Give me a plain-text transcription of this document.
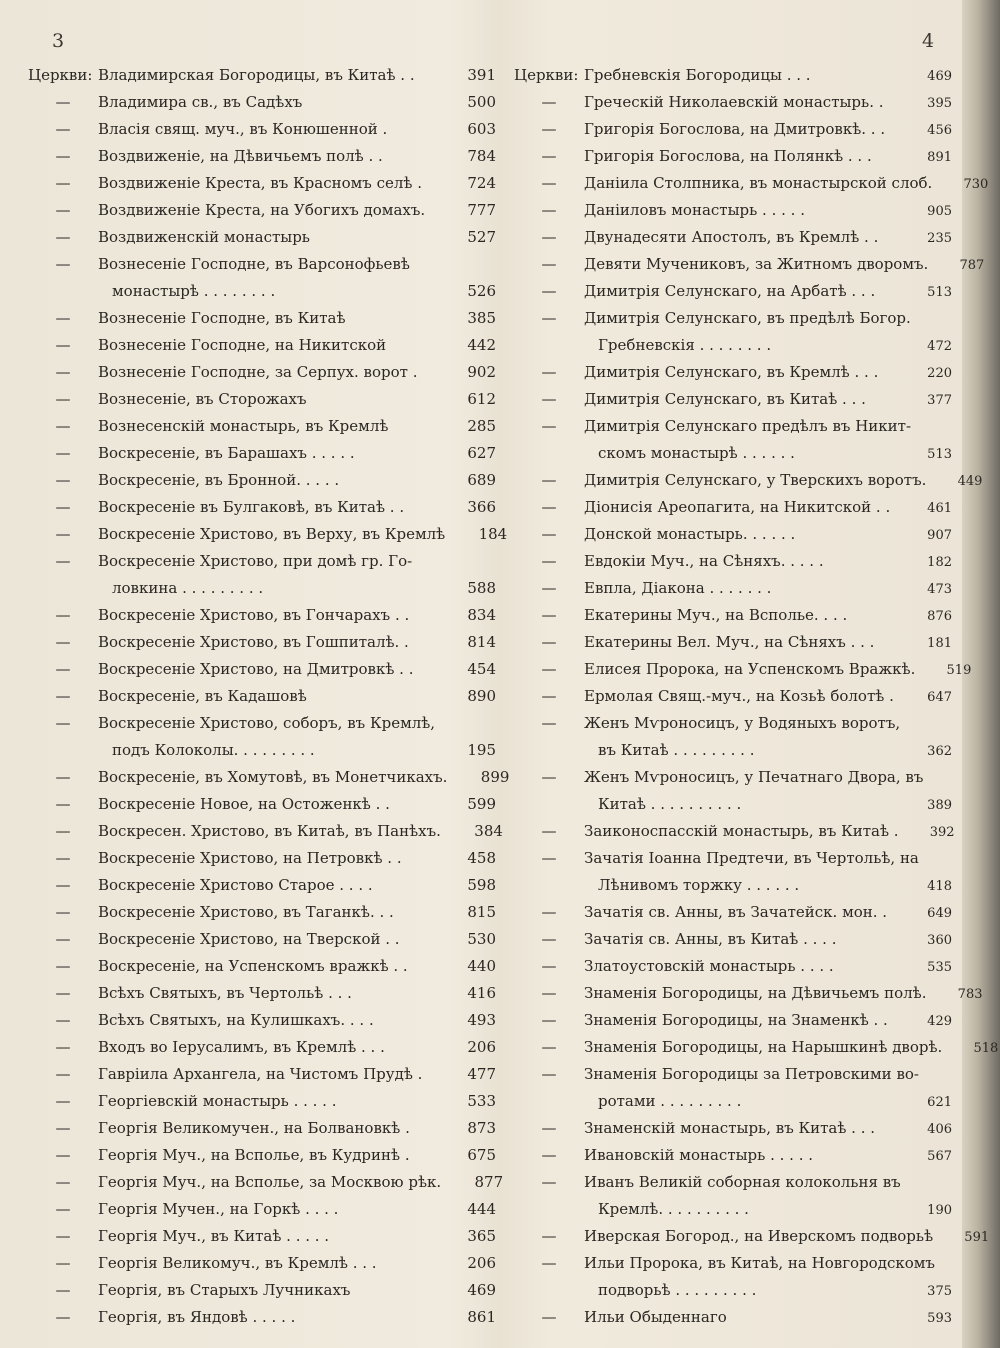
3	4
Церкви: Владимирская Богородицы, въ Китаѣ . .	391
—	Владимира св., въ Садѣхъ	500
—	Власія свящ. муч., въ Конюшенной .	603
—	Воздвиженіе, на Дѣвичьемъ полѣ . .	784
—	Воздвиженіе Креста, въ Красномъ селѣ .	724
—	Воздвиженіе Креста, на Убогихъ домахъ.	777
—	Воздвиженскій монастырь	527
—	Вознесеніе Господне, въ Варсонофьевѣ
монастырѣ . . . . . . . .	526
—	Вознесеніе Господне, въ Китаѣ	385
—	Вознесеніе Господне, на Никитской	442
—	Вознесеніе Господне, за Серпух. ворот .	902
—	Вознесеніе, въ Сторожахъ	612
—	Вознесенскій монастырь, въ Кремлѣ	285
—	Воскресеніе, въ Барашахъ . . . . .	627
—	Воскресеніе, въ Бронной. . . . .	689
—	Воскресеніе въ Булгаковѣ, въ Китаѣ . .	366
—	Воскресеніе Христово, въ Верху, въ Кремлѣ	184
—	Воскресеніе Христово, при домѣ гр. Го-
ловкина . . . . . . . . .	588
—	Воскресеніе Христово, въ Гончарахъ . .	834
—	Воскресеніе Христово, въ Гошпиталѣ. .	814
—	Воскресеніе Христово, на Дмитровкѣ . .	454
—	Воскресеніе, въ Кадашовѣ	890
—	Воскресеніе Христово, соборъ, въ Кремлѣ,
подъ Колоколы. . . . . . . . .	195
—	Воскресеніе, въ Хомутовѣ, въ Монетчикахъ.	899
—	Воскресеніе Новое, на Остоженкѣ . .	599
—	Воскресен. Христово, въ Китаѣ, въ Панѣхъ.	384
—	Воскресеніе Христово, на Петровкѣ . .	458
—	Воскресеніе Христово Старое . . . .	598
—	Воскресеніе Христово, въ Таганкѣ. . .	815
—	Воскресеніе Христово, на Тверской . .	530
—	Воскресеніе, на Успенскомъ вражкѣ . .	440
—	Всѣхъ Святыхъ, въ Чертольѣ . . .	416
—	Всѣхъ Святыхъ, на Кулишкахъ. . . .	493
—	Входъ во Іерусалимъ, въ Кремлѣ . . .	206
—	Гавріила Архангела, на Чистомъ Прудѣ .	477
—	Георгіевскій монастырь . . . . .	533
—	Георгія Великомучен., на Болвановкѣ .	873
—	Георгія Муч., на Всполье, въ Кудринѣ .	675
—	Георгія Муч., на Всполье, за Москвою рѣк.	877
—	Георгія Мучен., на Горкѣ . . . .	444
—	Георгія Муч., въ Китаѣ . . . . .	365
—	Георгія Великомуч., въ Кремлѣ . . .	206
—	Георгія, въ Старыхъ Лучникахъ	469
—	Георгія, въ Яндовѣ . . . . .	861
Церкви: Гребневскія Богородицы . . .	469
—	Греческій Николаевскій монастырь. .	395
—	Григорія Богослова, на Дмитровкѣ. . .	456
—	Григорія Богослова, на Полянкѣ . . .	891
—	Даніила Столпника, въ монастырской слоб.	730
—	Даніиловъ монастырь . . . . .	905
—	Двунадесяти Апостолъ, въ Кремлѣ . .	235
—	Девяти Мучениковъ, за Житномъ дворомъ.	787
—	Димитрія Селунскаго, на Арбатѣ . . .	513
—	Димитрія Селунскаго, въ предѣлѣ Богор.
Гребневскія . . . . . . . .	472
—	Димитрія Селунскаго, въ Кремлѣ . . .	220
—	Димитрія Селунскаго, въ Китаѣ . . .	377
—	Димитрія Селунскаго предѣлъ въ Никит-
скомъ монастырѣ . . . . . .	513
—	Димитрія Селунскаго, у Тверскихъ воротъ.	449
—	Діонисія Ареопагита, на Никитской . .	461
—	Донской монастырь. . . . . .	907
—	Евдокіи Муч., на Сѣняхъ. . . . .	182
—	Евпла, Діакона . . . . . . .	473
—	Екатерины Муч., на Всполье. . . .	876
—	Екатерины Вел. Муч., на Сѣняхъ . . .	181
—	Елисея Пророка, на Успенскомъ Вражкѣ.	519
—	Ермолая Свящ.-муч., на Козьѣ болотѣ .	647
—	Женъ Мѵроносицъ, у Водяныхъ воротъ,
въ Китаѣ . . . . . . . . .	362
—	Женъ Мѵроносицъ, у Печатнаго Двора, въ
Китаѣ . . . . . . . . . .	389
—	Заиконоспасскій монастырь, въ Китаѣ .	392
—	Зачатія Іоанна Предтечи, въ Чертольѣ, на
Лѣнивомъ торжку . . . . . .	418
—	Зачатія св. Анны, въ Зачатейск. мон. .	649
—	Зачатія св. Анны, въ Китаѣ . . . .	360
—	Златоустовскій монастырь . . . .	535
—	Знаменія Богородицы, на Дѣвичьемъ полѣ.	783
—	Знаменія Богородицы, на Знаменкѣ . .	429
—	Знаменія Богородицы, на Нарышкинѣ дворѣ.	518
—	Знаменія Богородицы за Петровскими во-
ротами . . . . . . . . .	621
—	Знаменскій монастырь, въ Китаѣ . . .	406
—	Ивановскій монастырь . . . . .	567
—	Иванъ Великій соборная колокольня въ
Кремлѣ. . . . . . . . . .	190
—	Иверская Богород., на Иверскомъ подворьѣ	591
—	Ильи Пророка, въ Китаѣ, на Новгородскомъ
подворьѣ . . . . . . . . .	375
—	Ильи Обыденнаго	593
